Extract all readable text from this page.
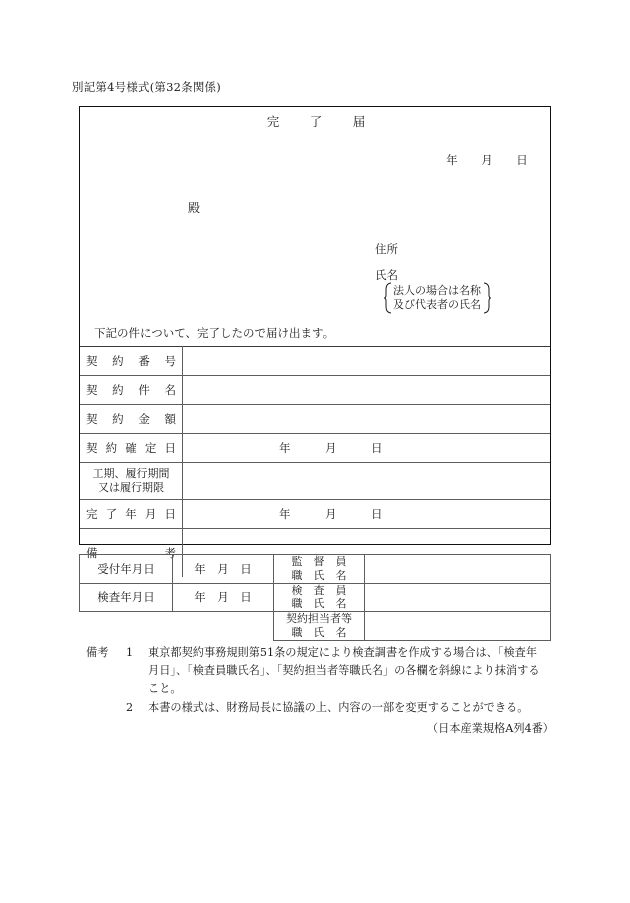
別記第4号様式(第32条関係)
完　了　届
年　　月　　日
殿
住所
氏名
法人の場合は名称
及び代表者の氏名
下記の件について、完了したので届け出ます。
契約番号	

契約件名	

契約金額	

契約確定日	年　　　月　　　日

工期、履行期間
又は履行期限	

完了年月日	年　　　月　　　日

備考	

受付年月日	年　月　日	監　督　員
職　氏　名	

検査年月日	年　月　日	検　査　員
職　氏　名	

		契約担当者等
職　氏　名	

備考	1	東京都契約事務規則第51条の規定により検査調書を作成する場合は、「検査年
月日」、「検査員職氏名」、「契約担当者等職氏名」の各欄を斜線により抹消する
こと。
2	本書の様式は、財務局長に協議の上、内容の一部を変更することができる。
（日本産業規格A列4番）
